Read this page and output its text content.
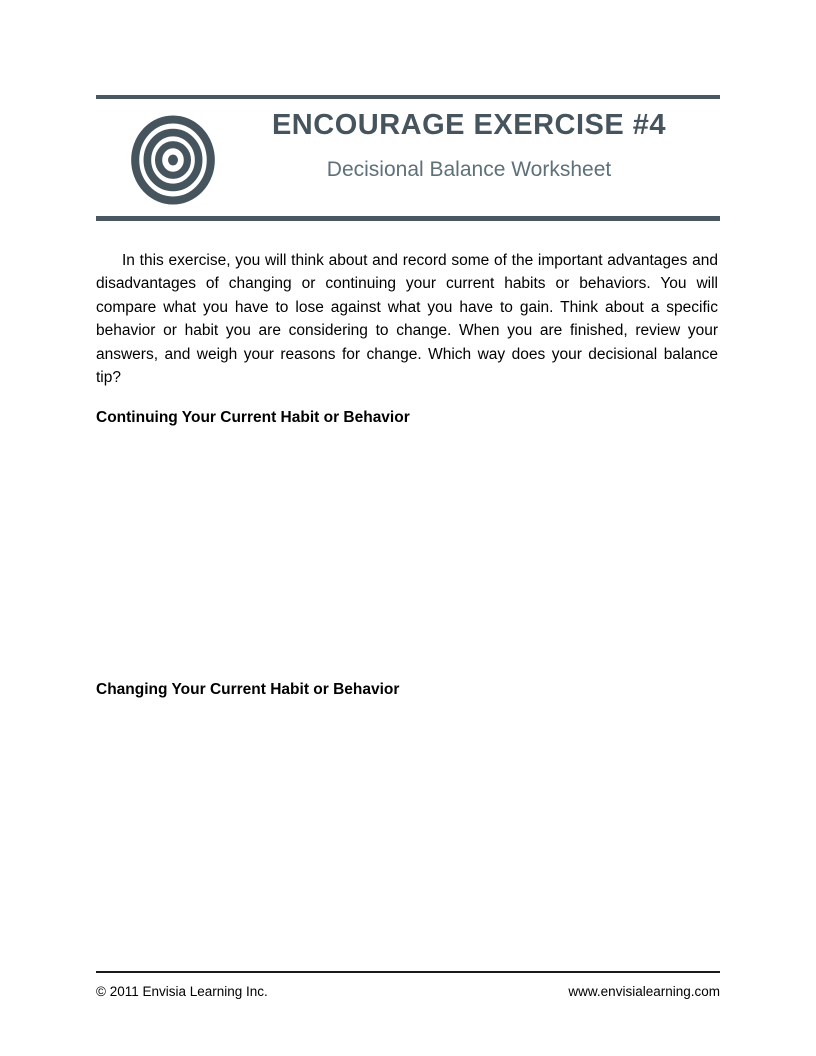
ENCOURAGE EXERCISE #4
Decisional Balance Worksheet

In this exercise, you will think about and record some of the important advantages and disadvantages of changing or continuing your current habits or behaviors. You will compare what you have to lose against what you have to gain. Think about a specific behavior or habit you are considering to change. When you are finished, review your answers, and weigh your reasons for change. Which way does your decisional balance tip?

Continuing Your Current Habit or Behavior
Changing Your Current Habit or Behavior
© 2011 Envisia Learning Inc.	www.envisialearning.com
